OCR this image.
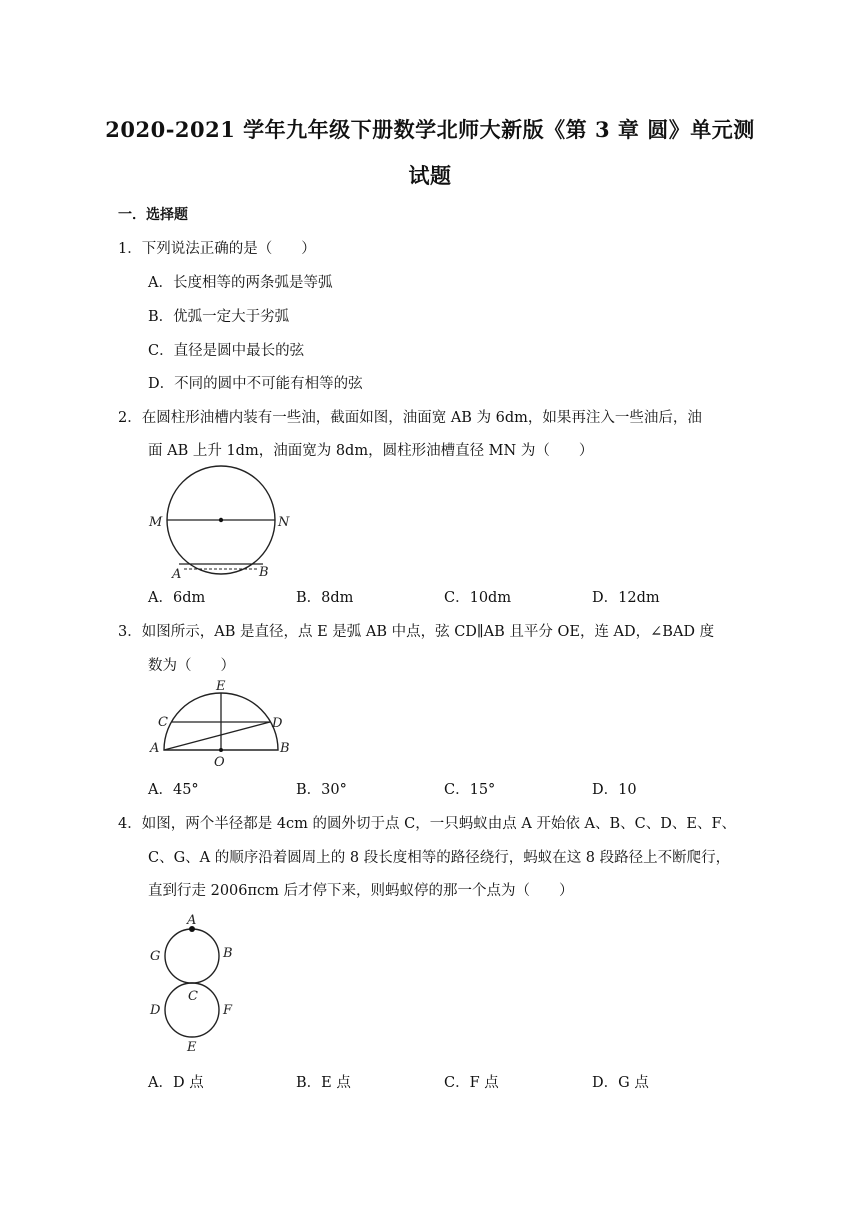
2020-2021 学年九年级下册数学北师大新版《第 3 章 圆》单元测
试题
一．选择题
1．下列说法正确的是（　　）
A．长度相等的两条弧是等弧
B．优弧一定大于劣弧
C．直径是圆中最长的弦
D．不同的圆中不可能有相等的弦
2．在圆柱形油槽内装有一些油，截面如图，油面宽 AB 为 6dm，如果再注入一些油后，油
面 AB 上升 1dm，油面宽为 8dm，圆柱形油槽直径 MN 为（　　）
M	N
A	B
A．6dm	B．8dm	C．10dm	D．12dm
3．如图所示，AB 是直径，点 E 是弧 AB 中点，弦 CD∥AB 且平分 OE，连 AD，∠BAD 度
数为（　　）
E
C	D
A
O
B
A．45°	B．30°	C．15°	D．10
4．如图，两个半径都是 4cm 的圆外切于点 C，一只蚂蚁由点 A 开始依 A、B、C、D、E、F、
C、G、A 的顺序沿着圆周上的 8 段长度相等的路径绕行，蚂蚁在这 8 段路径上不断爬行，
直到行走 2006πcm 后才停下来，则蚂蚁停的那一个点为（　　）
A
G	B
C
D	F
E
A．D 点	B．E 点	C．F 点	D．G 点
